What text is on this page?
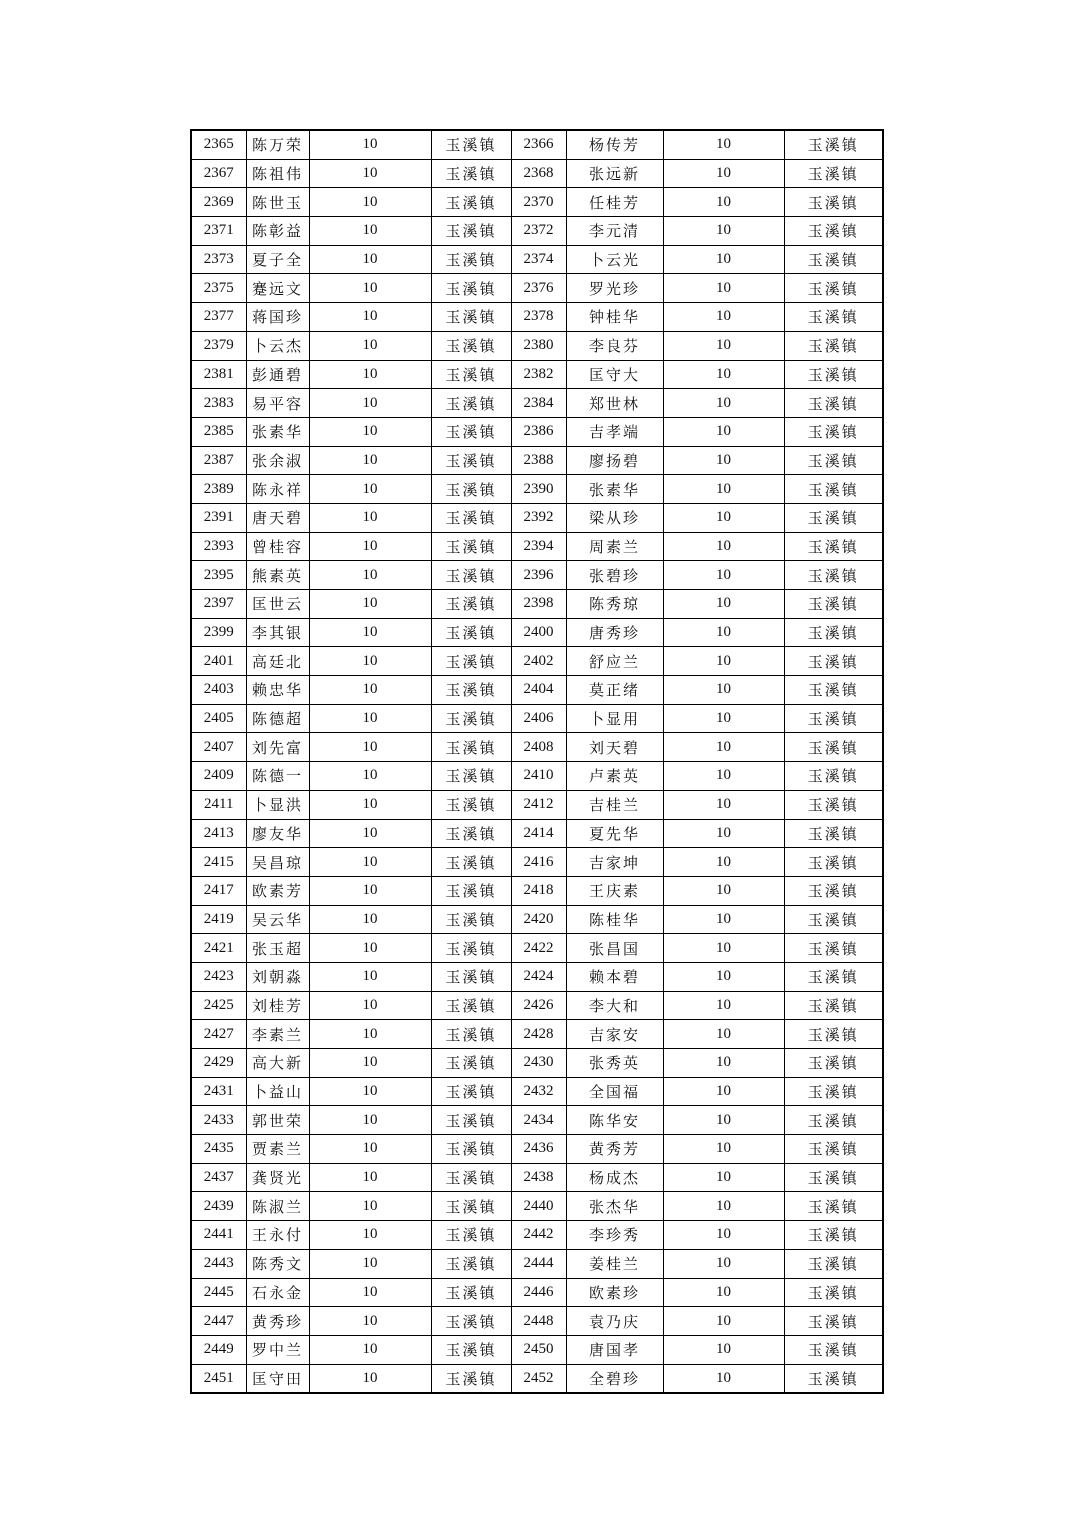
2365	陈万荣	10	玉溪镇	2366	杨传芳	10	玉溪镇
2367	陈祖伟	10	玉溪镇	2368	张远新	10	玉溪镇
2369	陈世玉	10	玉溪镇	2370	任桂芳	10	玉溪镇
2371	陈彰益	10	玉溪镇	2372	李元清	10	玉溪镇
2373	夏子全	10	玉溪镇	2374	卜云光	10	玉溪镇
2375	蹇远文	10	玉溪镇	2376	罗光珍	10	玉溪镇
2377	蒋国珍	10	玉溪镇	2378	钟桂华	10	玉溪镇
2379	卜云杰	10	玉溪镇	2380	李良芬	10	玉溪镇
2381	彭通碧	10	玉溪镇	2382	匡守大	10	玉溪镇
2383	易平容	10	玉溪镇	2384	郑世林	10	玉溪镇
2385	张素华	10	玉溪镇	2386	吉孝端	10	玉溪镇
2387	张余淑	10	玉溪镇	2388	廖扬碧	10	玉溪镇
2389	陈永祥	10	玉溪镇	2390	张素华	10	玉溪镇
2391	唐天碧	10	玉溪镇	2392	梁从珍	10	玉溪镇
2393	曾桂容	10	玉溪镇	2394	周素兰	10	玉溪镇
2395	熊素英	10	玉溪镇	2396	张碧珍	10	玉溪镇
2397	匡世云	10	玉溪镇	2398	陈秀琼	10	玉溪镇
2399	李其银	10	玉溪镇	2400	唐秀珍	10	玉溪镇
2401	高廷北	10	玉溪镇	2402	舒应兰	10	玉溪镇
2403	赖忠华	10	玉溪镇	2404	莫正绪	10	玉溪镇
2405	陈德超	10	玉溪镇	2406	卜显用	10	玉溪镇
2407	刘先富	10	玉溪镇	2408	刘天碧	10	玉溪镇
2409	陈德一	10	玉溪镇	2410	卢素英	10	玉溪镇
2411	卜显洪	10	玉溪镇	2412	吉桂兰	10	玉溪镇
2413	廖友华	10	玉溪镇	2414	夏先华	10	玉溪镇
2415	吴昌琼	10	玉溪镇	2416	吉家坤	10	玉溪镇
2417	欧素芳	10	玉溪镇	2418	王庆素	10	玉溪镇
2419	吴云华	10	玉溪镇	2420	陈桂华	10	玉溪镇
2421	张玉超	10	玉溪镇	2422	张昌国	10	玉溪镇
2423	刘朝淼	10	玉溪镇	2424	赖本碧	10	玉溪镇
2425	刘桂芳	10	玉溪镇	2426	李大和	10	玉溪镇
2427	李素兰	10	玉溪镇	2428	吉家安	10	玉溪镇
2429	高大新	10	玉溪镇	2430	张秀英	10	玉溪镇
2431	卜益山	10	玉溪镇	2432	全国福	10	玉溪镇
2433	郭世荣	10	玉溪镇	2434	陈华安	10	玉溪镇
2435	贾素兰	10	玉溪镇	2436	黄秀芳	10	玉溪镇
2437	龚贤光	10	玉溪镇	2438	杨成杰	10	玉溪镇
2439	陈淑兰	10	玉溪镇	2440	张杰华	10	玉溪镇
2441	王永付	10	玉溪镇	2442	李珍秀	10	玉溪镇
2443	陈秀文	10	玉溪镇	2444	姜桂兰	10	玉溪镇
2445	石永金	10	玉溪镇	2446	欧素珍	10	玉溪镇
2447	黄秀珍	10	玉溪镇	2448	袁乃庆	10	玉溪镇
2449	罗中兰	10	玉溪镇	2450	唐国孝	10	玉溪镇
2451	匡守田	10	玉溪镇	2452	全碧珍	10	玉溪镇
